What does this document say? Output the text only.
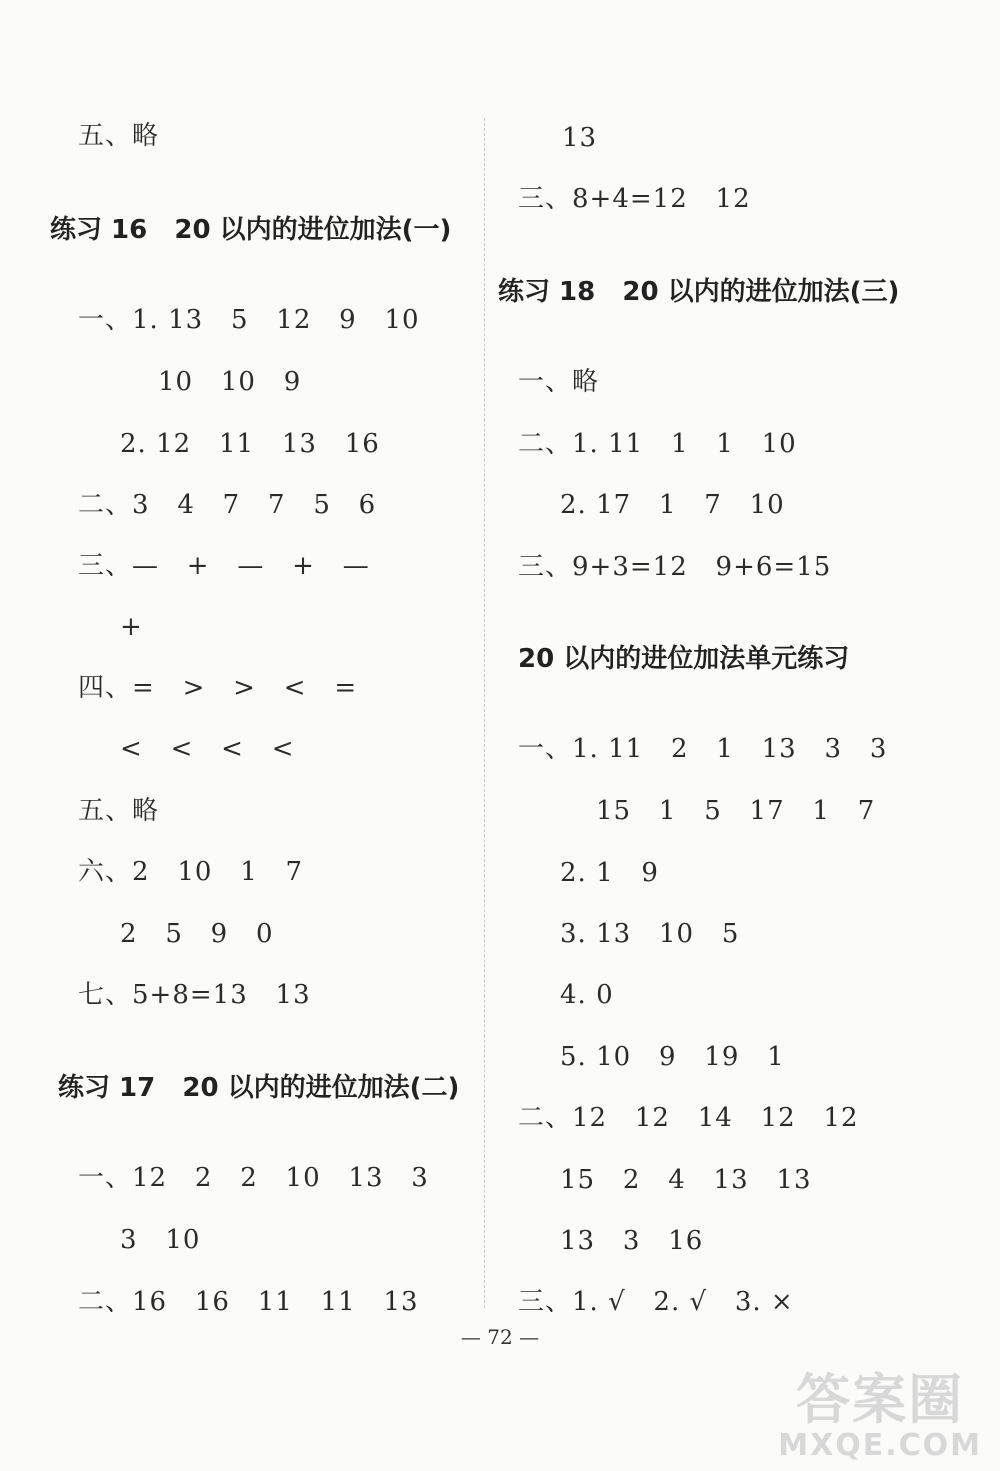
五、略
练习 16   20 以内的进位加法(一)
一、1. 13   5   12   9   10
10   10   9
2. 12   11   13   16
二、3   4   7   7   5   6
三、—   +   —   +   —
+
四、=   >   >   <   =
<   <   <   <
五、略
六、2   10   1   7
2   5   9   0
七、5+8=13   13
练习 17   20 以内的进位加法(二)
一、12   2   2   10   13   3
3   10
二、16   16   11   11   13
13
三、8+4=12   12
练习 18   20 以内的进位加法(三)
一、略
二、1. 11   1   1   10
2. 17   1   7   10
三、9+3=12   9+6=15
20 以内的进位加法单元练习
一、1. 11   2   1   13   3   3
15   1   5   17   1   7
2. 1   9
3. 13   10   5
4. 0
5. 10   9   19   1
二、12   12   14   12   12
15   2   4   13   13
13   3   16
三、1. √   2. √   3. ×
— 72 —
答案圈
MXQE.COM
